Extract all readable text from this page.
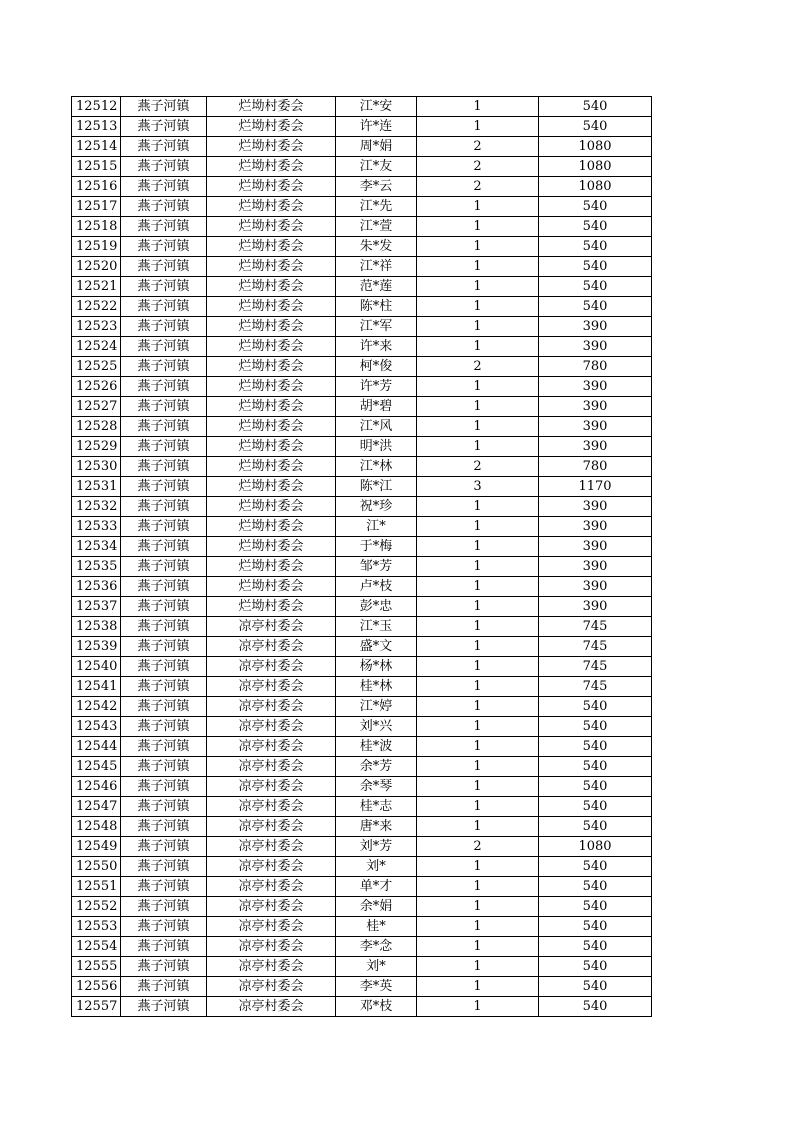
12512	燕子河镇	烂坳村委会	江*安	1	540
12513	燕子河镇	烂坳村委会	许*连	1	540
12514	燕子河镇	烂坳村委会	周*娟	2	1080
12515	燕子河镇	烂坳村委会	江*友	2	1080
12516	燕子河镇	烂坳村委会	李*云	2	1080
12517	燕子河镇	烂坳村委会	江*先	1	540
12518	燕子河镇	烂坳村委会	江*萱	1	540
12519	燕子河镇	烂坳村委会	朱*发	1	540
12520	燕子河镇	烂坳村委会	江*祥	1	540
12521	燕子河镇	烂坳村委会	范*莲	1	540
12522	燕子河镇	烂坳村委会	陈*柱	1	540
12523	燕子河镇	烂坳村委会	江*军	1	390
12524	燕子河镇	烂坳村委会	许*来	1	390
12525	燕子河镇	烂坳村委会	柯*俊	2	780
12526	燕子河镇	烂坳村委会	许*芳	1	390
12527	燕子河镇	烂坳村委会	胡*碧	1	390
12528	燕子河镇	烂坳村委会	江*风	1	390
12529	燕子河镇	烂坳村委会	明*洪	1	390
12530	燕子河镇	烂坳村委会	江*林	2	780
12531	燕子河镇	烂坳村委会	陈*江	3	1170
12532	燕子河镇	烂坳村委会	祝*珍	1	390
12533	燕子河镇	烂坳村委会	江*	1	390
12534	燕子河镇	烂坳村委会	于*梅	1	390
12535	燕子河镇	烂坳村委会	邹*芳	1	390
12536	燕子河镇	烂坳村委会	卢*枝	1	390
12537	燕子河镇	烂坳村委会	彭*忠	1	390
12538	燕子河镇	凉亭村委会	江*玉	1	745
12539	燕子河镇	凉亭村委会	盛*文	1	745
12540	燕子河镇	凉亭村委会	杨*林	1	745
12541	燕子河镇	凉亭村委会	桂*林	1	745
12542	燕子河镇	凉亭村委会	江*婷	1	540
12543	燕子河镇	凉亭村委会	刘*兴	1	540
12544	燕子河镇	凉亭村委会	桂*波	1	540
12545	燕子河镇	凉亭村委会	余*芳	1	540
12546	燕子河镇	凉亭村委会	余*琴	1	540
12547	燕子河镇	凉亭村委会	桂*志	1	540
12548	燕子河镇	凉亭村委会	唐*来	1	540
12549	燕子河镇	凉亭村委会	刘*芳	2	1080
12550	燕子河镇	凉亭村委会	刘*	1	540
12551	燕子河镇	凉亭村委会	单*才	1	540
12552	燕子河镇	凉亭村委会	余*娟	1	540
12553	燕子河镇	凉亭村委会	桂*	1	540
12554	燕子河镇	凉亭村委会	李*念	1	540
12555	燕子河镇	凉亭村委会	刘*	1	540
12556	燕子河镇	凉亭村委会	李*英	1	540
12557	燕子河镇	凉亭村委会	邓*枝	1	540
